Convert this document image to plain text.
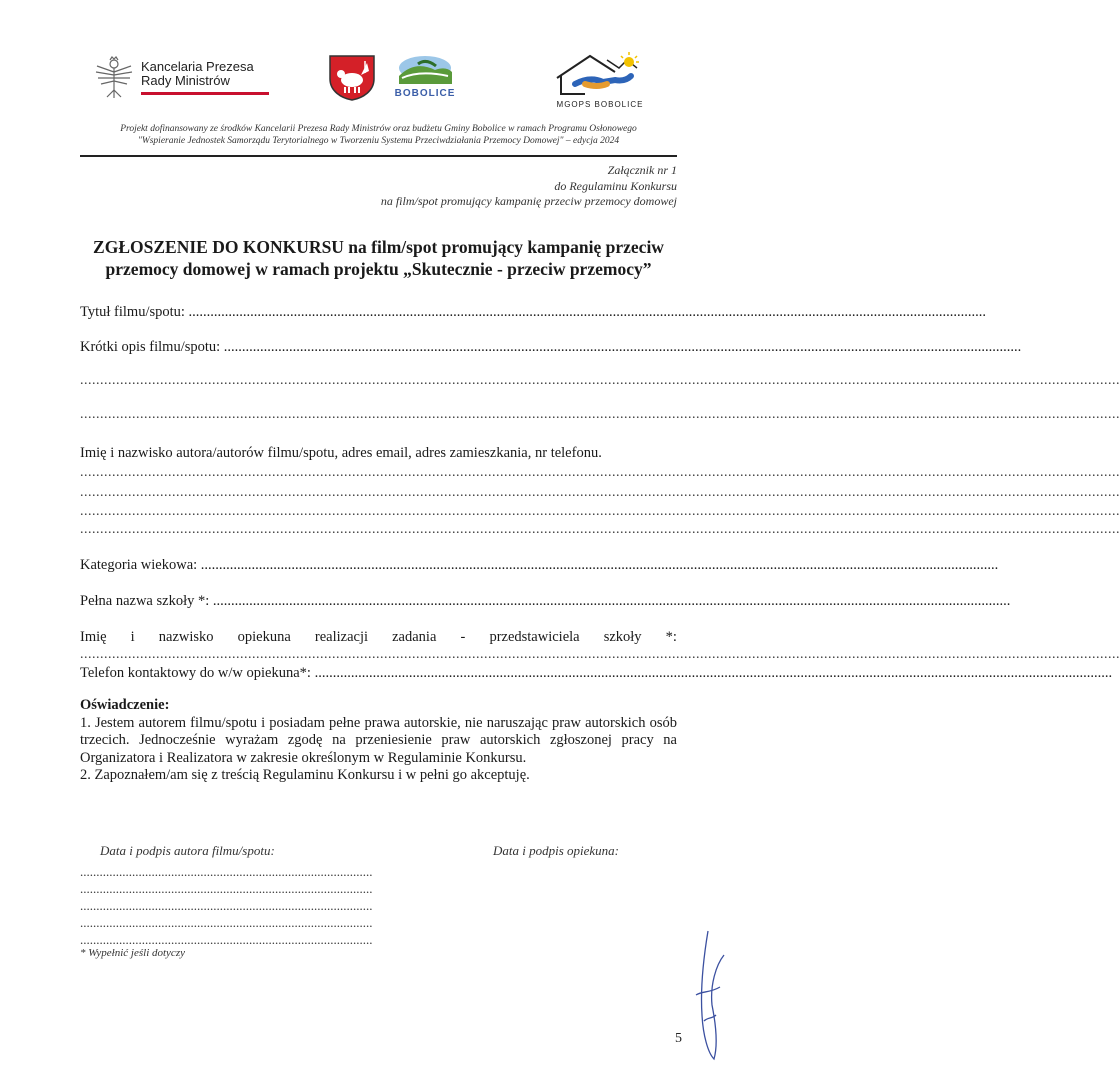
Kancelaria Prezesa
Rady Ministrów
BOBOLICE
MGOPS BOBOLICE
Projekt dofinansowany ze środków Kancelarii Prezesa Rady Ministrów oraz budżetu Gminy Bobolice w ramach Programu Osłonowego
"Wspieranie Jednostek Samorządu Terytorialnego w Tworzeniu Systemu Przeciwdziałania Przemocy Domowej" – edycja 2024
Załącznik nr 1
do Regulaminu Konkursu
na film/spot promujący kampanię przeciw przemocy domowej
ZGŁOSZENIE DO KONKURSU na film/spot promujący kampanię przeciw
przemocy domowej w ramach projektu „Skutecznie - przeciw przemocy”
Tytuł filmu/spotu: ............................................................................................................................................................................................................................
Krótki opis filmu/spotu: ............................................................................................................................................................................................................................
....................................................................................................................................................................................................................................................................
....................................................................................................................................................................................................................................................................
Imię i nazwisko autora/autorów filmu/spotu, adres email, adres zamieszkania, nr telefonu.
....................................................................................................................................................................................................................................................................
....................................................................................................................................................................................................................................................................
....................................................................................................................................................................................................................................................................
....................................................................................................................................................................................................................................................................
Kategoria wiekowa: ............................................................................................................................................................................................................................
Pełna nazwa szkoły *: ............................................................................................................................................................................................................................
Imię i nazwisko opiekuna realizacji zadania - przedstawiciela szkoły *:
....................................................................................................................................................................................................................................................................
Telefon kontaktowy do w/w opiekuna*: ............................................................................................................................................................................................................................

Oświadczenie:

1. Jestem autorem filmu/spotu i posiadam pełne prawa autorskie, nie naruszając praw autorskich osób trzecich. Jednocześnie wyrażam zgodę na przeniesienie praw autorskich zgłoszonej pracy na Organizatora i Realizatora w zakresie określonym w Regulaminie Konkursu.

2. Zapoznałem/am się z treścią Regulaminu Konkursu i w pełni go akceptuję.

Data i podpis autora filmu/spotu:	Data i podpis opiekuna:
..........................................................................................
..........................................................................................
..........................................................................................
..........................................................................................
..........................................................................................
* Wypełnić jeśli dotyczy
5
